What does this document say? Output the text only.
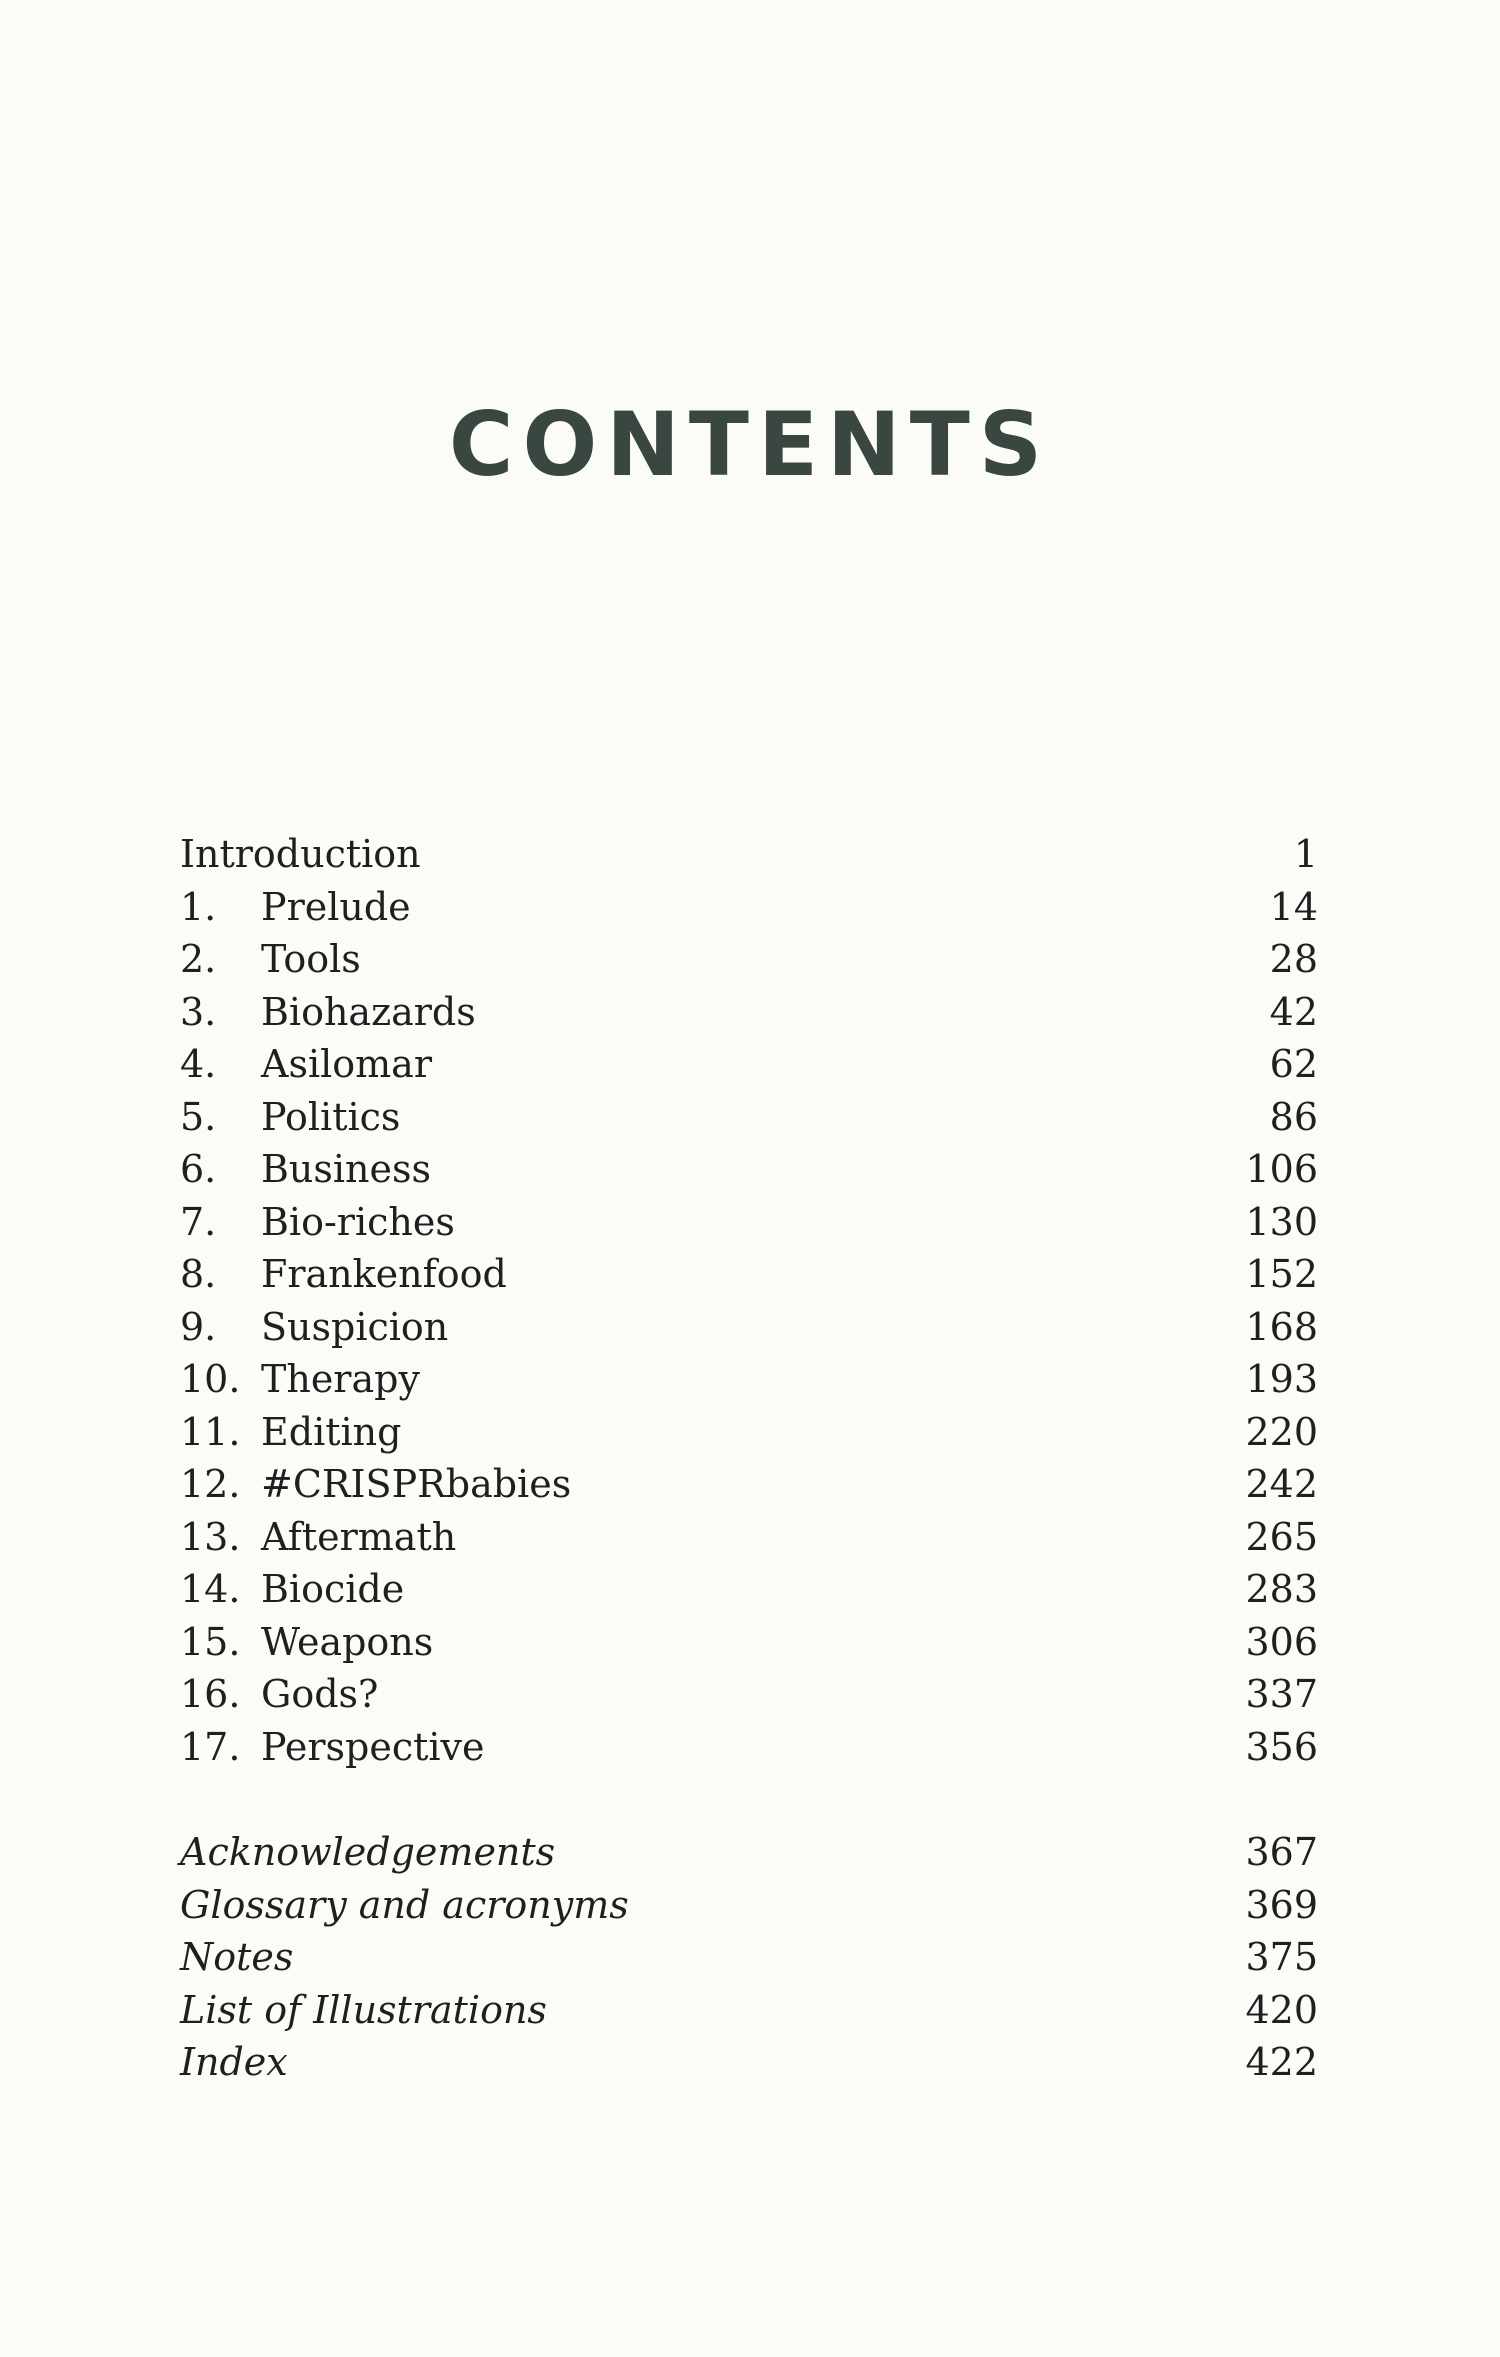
CONTENTS
Introduction	1
1. Prelude	14
2. Tools	28
3. Biohazards	42
4. Asilomar	62
5. Politics	86
6. Business	106
7. Bio-riches	130
8. Frankenfood	152
9. Suspicion	168
10. Therapy	193
11. Editing	220
12. #CRISPRbabies	242
13. Aftermath	265
14. Biocide	283
15. Weapons	306
16. Gods?	337
17. Perspective	356
Acknowledgements	367
Glossary and acronyms	369
Notes	375
List of Illustrations	420
Index	422
